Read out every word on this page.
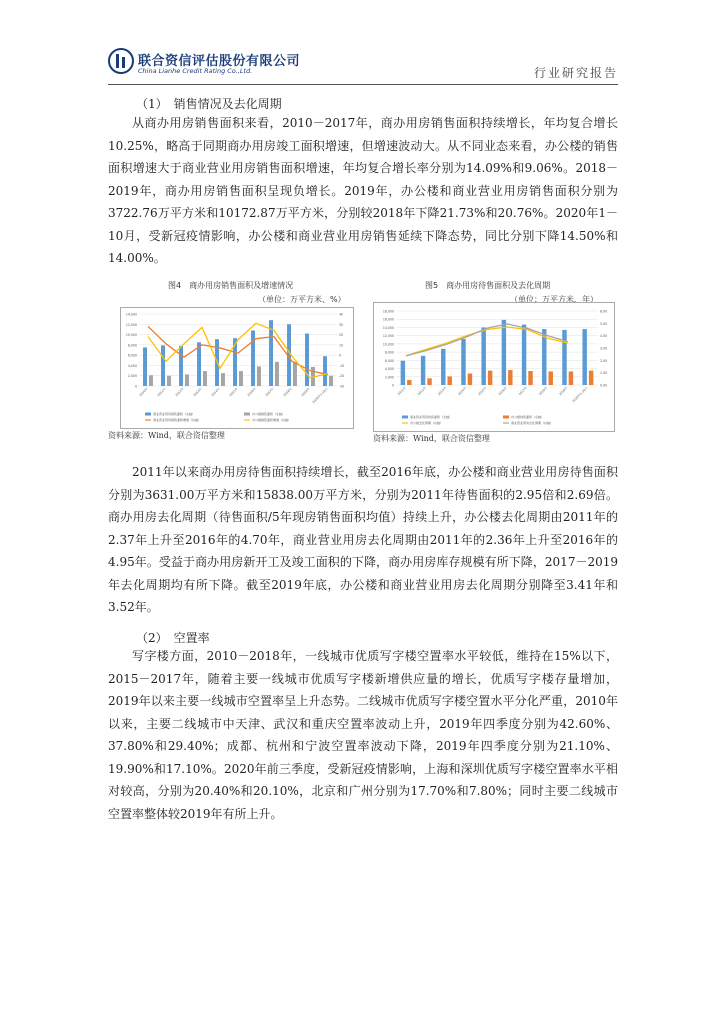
联合资信评估股份有限公司
China Lianhe Credit Rating Co.,Ltd.	行业研究报告
（1）　销售情况及去化周期

从商办用房销售面积来看，2010－2017年，商办用房销售面积持续增长，年均复合增长10.25%，略高于同期商办用房竣工面积增速，但增速波动大。从不同业态来看，办公楼的销售面积增速大于商业营业用房销售面积增速，年均复合增长率分别为14.09%和9.06%。2018－2019年，商办用房销售面积呈现负增长。2019年，办公楼和商业营业用房销售面积分别为3722.76万平方米和10172.87万平方米，分别较2018年下降21.73%和20.76%。2020年1－10月，受新冠疫情影响，办公楼和商业营业用房销售延续下降态势，同比分别下降14.50%和14.00%。

图4　商办用房销售面积及增速情况
（单位：万平方米、%）
0
2,000
4,000
6,000
8,000
10,000
12,000
14,000
-30
-20
-10
0
10
20
30
40
2010年	2011年	2012年	2013年	2014年	2015年	2016年	2017年	2018年	2019年 2020年1-10月
商业营业用房销售面积（左轴）	办公楼销售面积（左轴）
商业营业用房销售面积增速（右轴）	办公楼销售面积增速（右轴）
资料来源：Wind，联合资信整理
图5　商办用房待售面积及去化周期
（单位：万平方米、年）
0
2,000
4,000
6,000
8,000
10,000
12,000
14,000
16,000
18,000
0.00
1.00
2.00
3.00
4.00
5.00
6.00
2011年	2012年	2013年	2014年	2015年	2016年	2017年	2018年	2019年 2020年1-10月
商业营业用房待售面积（左轴）	办公楼待售面积（左轴）
办公楼去化周期（右轴）	商业营业用房去化周期（右轴）
资料来源：Wind，联合资信整理

2011年以来商办用房待售面积持续增长，截至2016年底，办公楼和商业营业用房待售面积分别为3631.00万平方米和15838.00万平方米，分别为2011年待售面积的2.95倍和2.69倍。商办用房去化周期（待售面积/5年现房销售面积均值）持续上升，办公楼去化周期由2011年的2.37年上升至2016年的4.70年，商业营业用房去化周期由2011年的2.36年上升至2016年的4.95年。受益于商办用房新开工及竣工面积的下降，商办用房库存规模有所下降，2017－2019年去化周期均有所下降。截至2019年底，办公楼和商业营业用房去化周期分别降至3.41年和3.52年。

（2）　空置率

写字楼方面，2010－2018年，一线城市优质写字楼空置率水平较低，维持在15%以下，2015－2017年，随着主要一线城市优质写字楼新增供应量的增长，优质写字楼存量增加，2019年以来主要一线城市空置率呈上升态势。二线城市优质写字楼空置水平分化严重，2010年以来，主要二线城市中天津、武汉和重庆空置率波动上升，2019年四季度分别为42.60%、37.80%和29.40%；成都、杭州和宁波空置率波动下降，2019年四季度分别为21.10%、19.90%和17.10%。2020年前三季度，受新冠疫情影响，上海和深圳优质写字楼空置率水平相对较高，分别为20.40%和20.10%，北京和广州分别为17.70%和7.80%；同时主要二线城市空置率整体较2019年有所上升。
